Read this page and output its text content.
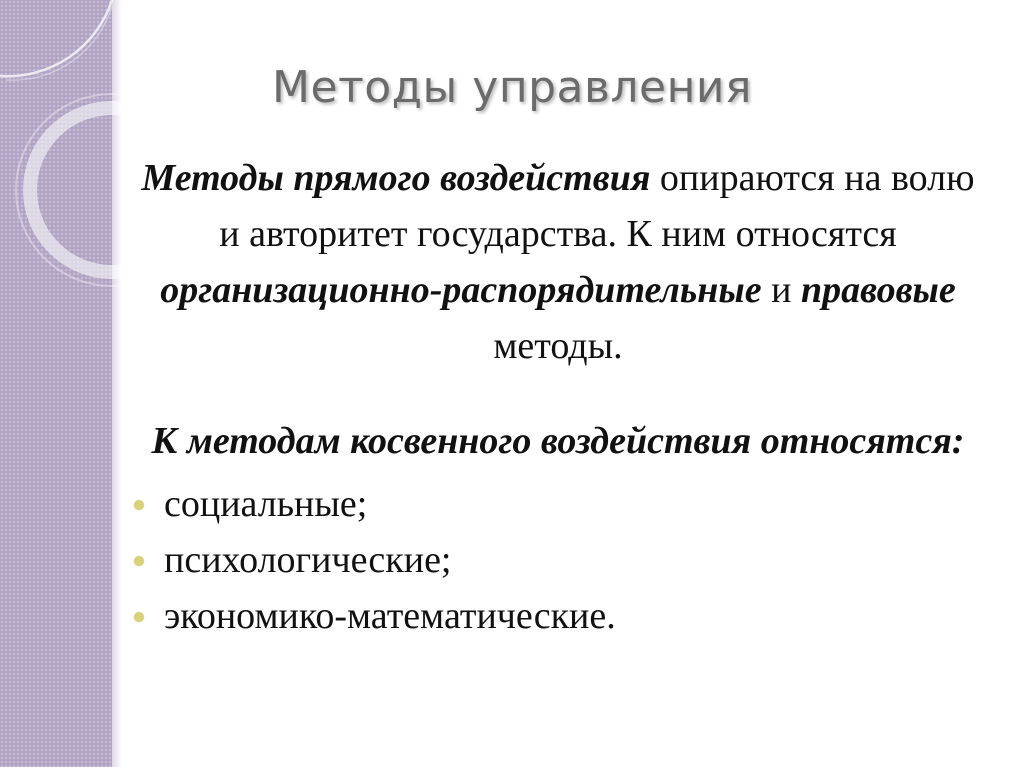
Методы управления

Методы прямого воздействия опираются на волю и авторитет государства. К ним относятся организационно-распорядительные и правовые методы.

К методам косвенного воздействия относятся:

социальные;
психологические;
экономико-математические.
